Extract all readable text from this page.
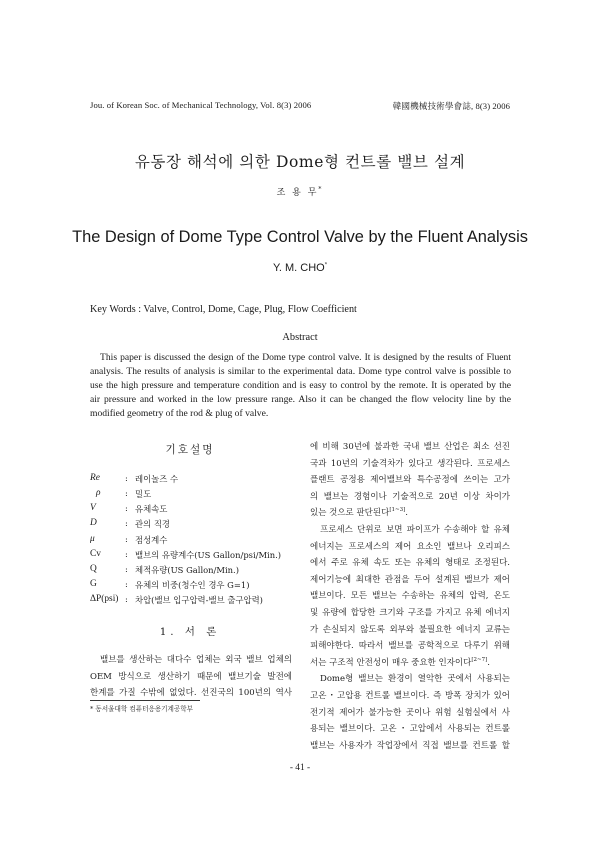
Jou. of Korean Soc. of Mechanical Technology, Vol. 8(3) 2006	韓國機械技術學會誌, 8(3) 2006
유동장 해석에 의한 Dome형 컨트롤 밸브 설계
조 용 무*
The Design of Dome Type Control Valve by the Fluent Analysis
Y. M. CHO*
Key Words : Valve, Control, Dome, Cage, Plug, Flow Coefficient
Abstract
This paper is discussed the design of the Dome type control valve. It is designed by the results of Fluent
analysis. The results of analysis is similar to the experimental data. Dome type control valve is possible to
use the high pressure and temperature condition and is easy to control by the remote. It is operated by the
air pressure and worked in the low pressure range. Also it can be changed the flow velocity line by the
modified geometry of the rod & plug of valve.
기호설명
Re	: 레이놀즈 수
ρ	: 밀도
V	: 유체속도
D	: 관의 직경
μ	: 점성계수
Cv	: 밸브의 유량계수(US Gallon/psi/Min.)
Q	: 체적유량(US Gallon/Min.)
G	: 유체의 비중(청수인 경우 G=1)
ΔP(psi) : 차압(밸브 입구압력-밸브 출구압력)
1. 서 론
밸브를 생산하는 대다수 업체는 외국 밸브 업체의
OEM 방식으로 생산하기 때문에 밸브기술 발전에
한계를 가질 수밖에 없었다. 선진국의 100년의 역사
* 동서울대학 컴퓨터응용기계공학부
에 비해 30년에 불과한 국내 밸브 산업은 최소 선진
국과 10년의 기술격차가 있다고 생각된다. 프로세스
플랜트 공정용 제어밸브와 특수공정에 쓰이는 고가
의 밸브는 경험이나 기술적으로 20년 이상 차이가
있는 것으로 판단된다[1~3].
프로세스 단위로 보면 파이프가 수송해야 할 유체
에너지는 프로세스의 제어 요소인 밸브나 오리피스
에서 주로 유체 속도 또는 유체의 형태로 조정된다.
제어기능에 최대한 관점을 두어 설계된 밸브가 제어
밸브이다. 모든 밸브는 수송하는 유체의 압력, 온도
및 유량에 합당한 크기와 구조를 가지고 유체 에너지
가 손실되지 않도록 외부와 불필요한 에너지 교류는
피해야한다. 따라서 밸브를 공학적으로 다루기 위해
서는 구조적 안전성이 매우 중요한 인자이다[2~7].
Dome형 밸브는 환경이 열악한 곳에서 사용되는
고온・고압용 컨트롤 밸브이다. 즉 방폭 장치가 있어
전기적 제어가 불가능한 곳이나 위험 실험실에서 사
용되는 밸브이다. 고온・고압에서 사용되는 컨트롤
밸브는 사용자가 작업장에서 직접 밸브를 컨트롤 할
- 41 -
